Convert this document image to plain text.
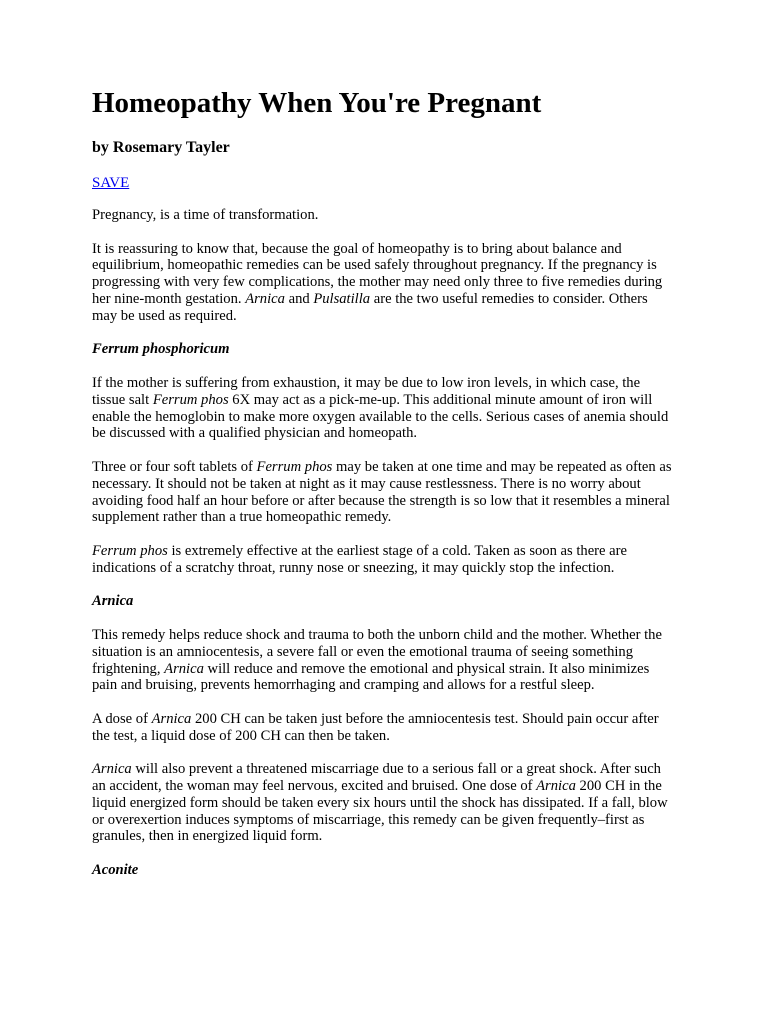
Homeopathy When You're Pregnant
by Rosemary Tayler
SAVE

Pregnancy, is a time of transformation.

It is reassuring to know that, because the goal of homeopathy is to bring about balance and equilibrium, homeopathic remedies can be used safely throughout pregnancy. If the pregnancy is progressing with very few complications, the mother may need only three to five remedies during her nine-month gestation. Arnica and Pulsatilla are the two useful remedies to consider. Others may be used as required.

Ferrum phosphoricum

If the mother is suffering from exhaustion, it may be due to low iron levels, in which case, the tissue salt Ferrum phos 6X may act as a pick-me-up. This additional minute amount of iron will enable the hemoglobin to make more oxygen available to the cells. Serious cases of anemia should be discussed with a qualified physician and homeopath.

Three or four soft tablets of Ferrum phos may be taken at one time and may be repeated as often as necessary. It should not be taken at night as it may cause restlessness. There is no worry about avoiding food half an hour before or after because the strength is so low that it resembles a mineral supplement rather than a true homeopathic remedy.

Ferrum phos is extremely effective at the earliest stage of a cold. Taken as soon as there are indications of a scratchy throat, runny nose or sneezing, it may quickly stop the infection.

Arnica

This remedy helps reduce shock and trauma to both the unborn child and the mother. Whether the situation is an amniocentesis, a severe fall or even the emotional trauma of seeing something frightening, Arnica will reduce and remove the emotional and physical strain. It also minimizes pain and bruising, prevents hemorrhaging and cramping and allows for a restful sleep.

A dose of Arnica 200 CH can be taken just before the amniocentesis test. Should pain occur after the test, a liquid dose of 200 CH can then be taken.

Arnica will also prevent a threatened miscarriage due to a serious fall or a great shock. After such an accident, the woman may feel nervous, excited and bruised. One dose of Arnica 200 CH in the liquid energized form should be taken every six hours until the shock has dissipated. If a fall, blow or overexertion induces symptoms of miscarriage, this remedy can be given frequently–first as granules, then in energized liquid form.

Aconite
